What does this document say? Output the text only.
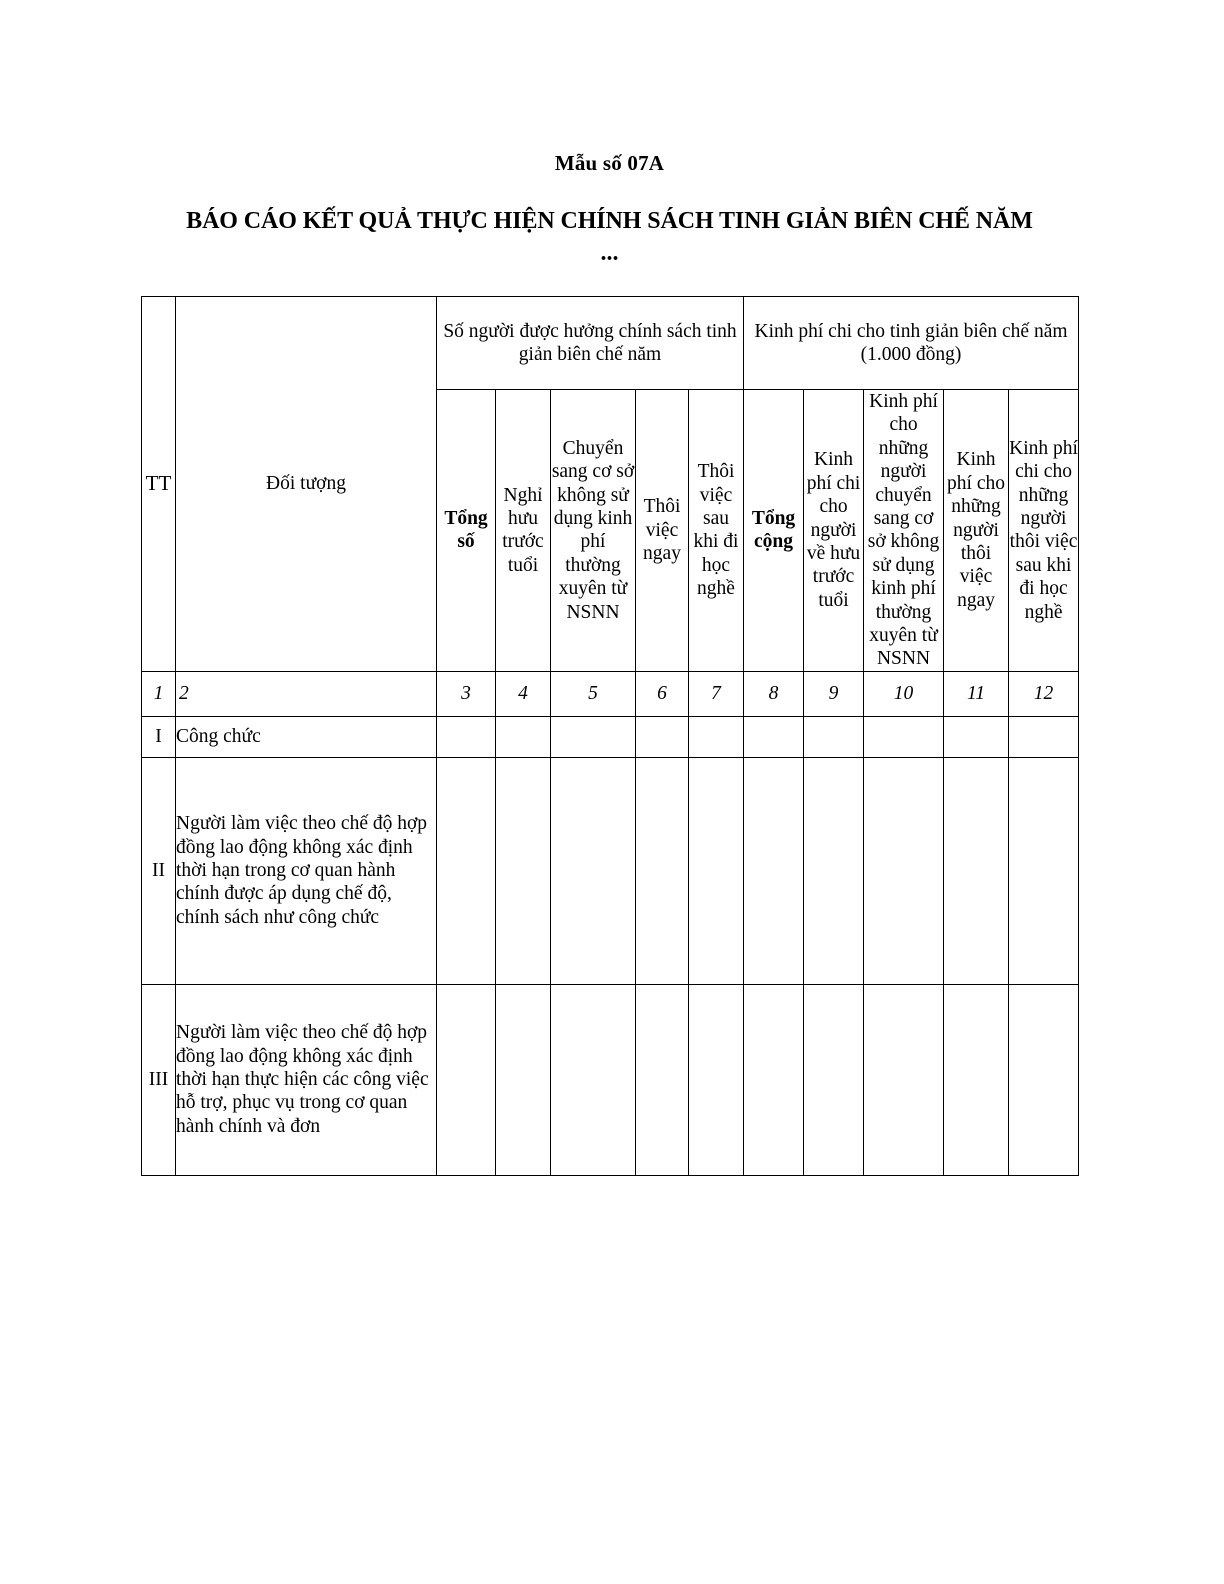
Mẫu số 07A
BÁO CÁO KẾT QUẢ THỰC HIỆN CHÍNH SÁCH TINH GIẢN BIÊN CHẾ NĂM
...
TT	Đối tượng	Số người được hưởng chính sách tinh giản biên chế năm					Kinh phí chi cho tinh giản biên chế năm (1.000 đồng)				
		Tổng số	Nghỉ hưu trước tuổi	Chuyển sang cơ sở không sử dụng kinh phí thường xuyên từ NSNN	Thôi việc ngay	Thôi việc sau khi đi học nghề	Tổng cộng	Kinh phí chi cho người về hưu trước tuổi	Kinh phí cho những người chuyển sang cơ sở không sử dụng kinh phí thường xuyên từ NSNN	Kinh phí cho những người thôi việc ngay	Kinh phí chi cho những người thôi việc sau khi đi học nghề
1	2	3	4	5	6	7	8	9	10	11	12
I	Công chức										
II	Người làm việc theo chế độ hợp đồng lao động không xác định thời hạn trong cơ quan hành chính được áp dụng chế độ, chính sách như công chức										
III	Người làm việc theo chế độ hợp đồng lao động không xác định thời hạn thực hiện các công việc hỗ trợ, phục vụ trong cơ quan hành chính và đơn										
